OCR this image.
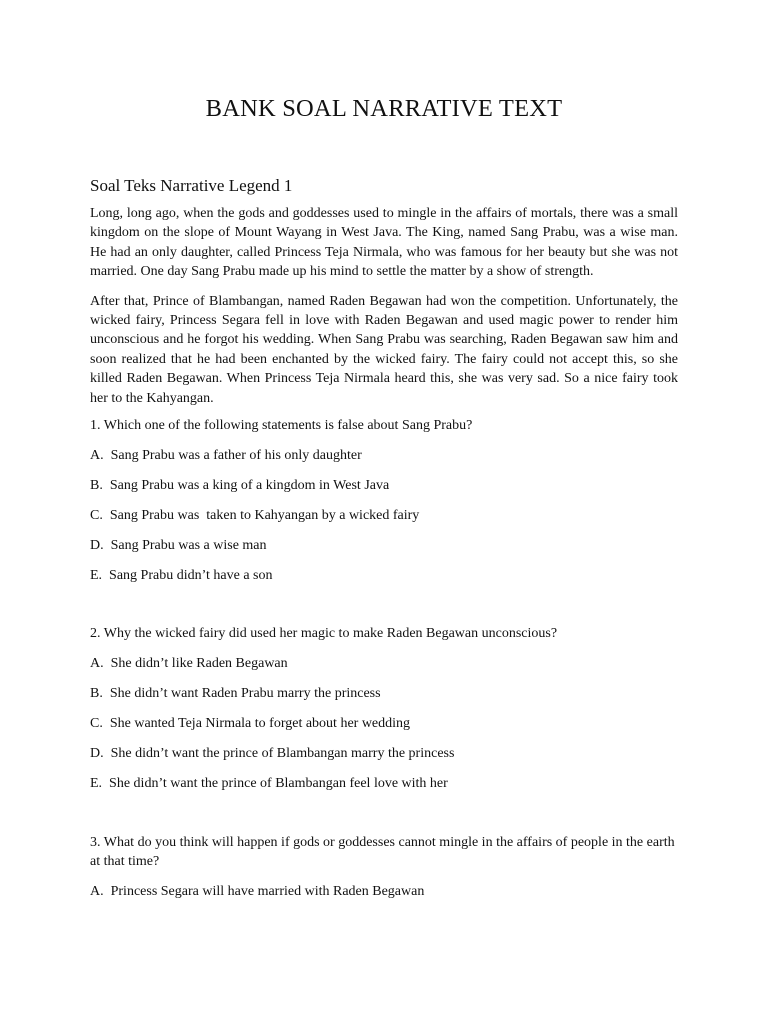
BANK SOAL NARRATIVE TEXT
Soal Teks Narrative Legend 1

Long, long ago, when the gods and goddesses used to mingle in the affairs of mortals, there was a small kingdom on the slope of Mount Wayang in West Java. The King, named Sang Prabu, was a wise man. He had an only daughter, called Princess Teja Nirmala, who was famous for her beauty but she was not married. One day Sang Prabu made up his mind to settle the matter by a show of strength.

After that, Prince of Blambangan, named Raden Begawan had won the competition. Unfortunately, the wicked fairy, Princess Segara fell in love with Raden Begawan and used magic power to render him unconscious and he forgot his wedding. When Sang Prabu was searching, Raden Begawan saw him and soon realized that he had been enchanted by the wicked fairy. The fairy could not accept this, so she killed Raden Begawan. When Princess Teja Nirmala heard this, she was very sad. So a nice fairy took her to the Kahyangan.

1. Which one of the following statements is false about Sang Prabu?

A.  Sang Prabu was a father of his only daughter
B.  Sang Prabu was a king of a kingdom in West Java
C.  Sang Prabu was  taken to Kahyangan by a wicked fairy
D.  Sang Prabu was a wise man
E.  Sang Prabu didn’t have a son

2. Why the wicked fairy did used her magic to make Raden Begawan unconscious?

A.  She didn’t like Raden Begawan
B.  She didn’t want Raden Prabu marry the princess
C.  She wanted Teja Nirmala to forget about her wedding
D.  She didn’t want the prince of Blambangan marry the princess
E.  She didn’t want the prince of Blambangan feel love with her

3. What do you think will happen if gods or goddesses cannot mingle in the affairs of people in the earth at that time?

A.  Princess Segara will have married with Raden Begawan
